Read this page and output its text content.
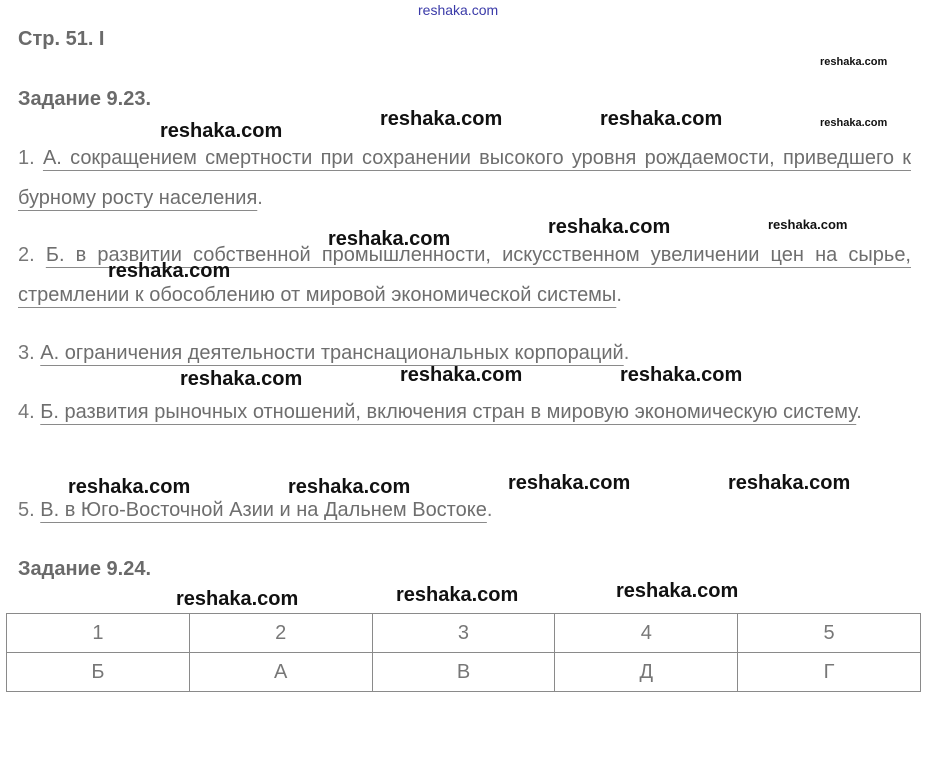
reshaka.com
Стр. 51. І
Задание 9.23.
1. А. сокращением смертности при сохранении высокого уровня рождаемости, приведшего к бурному росту населения.
2. Б. в развитии собственной промышленности, искусственном увеличении цен на сырье, стремлении к обособлению от мировой экономической системы.
3. А. ограничения деятельности транснациональных корпораций.
4. Б. развития рыночных отношений, включения стран в мировую экономическую систему.
5. В. в Юго-Восточной Азии и на Дальнем Востоке.
Задание 9.24.
1	2	3	4	5
Б	А	В	Д	Г
reshaka.com
reshaka.com
reshaka.com
reshaka.com	reshaka.com
reshaka.com	reshaka.com
reshaka.com
reshaka.com
reshaka.com	reshaka.com	reshaka.com
reshaka.com	reshaka.com	reshaka.com	reshaka.com
reshaka.com	reshaka.com	reshaka.com
